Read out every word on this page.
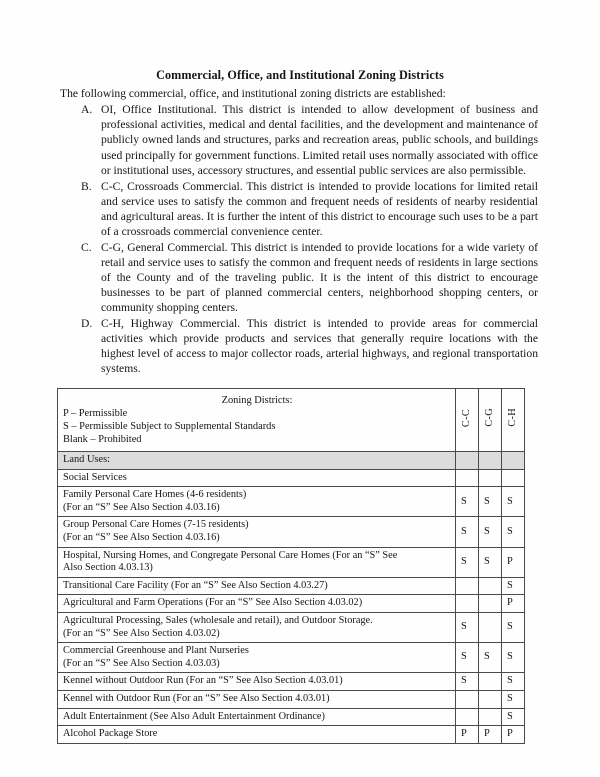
Commercial, Office, and Institutional Zoning Districts

The following commercial, office, and institutional zoning districts are established:

A. OI, Office Institutional. This district is intended to allow development of business and professional activities, medical and dental facilities, and the development and maintenance of publicly owned lands and structures, parks and recreation areas, public schools, and buildings used principally for government functions. Limited retail uses normally associated with office or institutional uses, accessory structures, and essential public services are also permissible.
B. C-C, Crossroads Commercial. This district is intended to provide locations for limited retail and service uses to satisfy the common and frequent needs of residents of nearby residential and agricultural areas. It is further the intent of this district to encourage such uses to be a part of a crossroads commercial convenience center.
C. C-G, General Commercial. This district is intended to provide locations for a wide variety of retail and service uses to satisfy the common and frequent needs of residents in large sections of the County and of the traveling public. It is the intent of this district to encourage businesses to be part of planned commercial centers, neighborhood shopping centers, or community shopping centers.
D. C-H, Highway Commercial. This district is intended to provide areas for commercial activities which provide products and services that generally require locations with the highest level of access to major collector roads, arterial highways, and regional transportation systems.
Zoning Districts:
P – Permissible
S – Permissible Subject to Supplemental Standards
Blank – Prohibited	C-C	C-G	C-H
Land Uses:			
Social Services			

Family Personal Care Homes (4-6 residents)
(For an “S” See Also Section 4.03.16)	S	S	S

Group Personal Care Homes (7-15 residents)
(For an “S” See Also Section 4.03.16)	S	S	S

Hospital, Nursing Homes, and Congregate Personal Care Homes (For an “S” See
Also Section 4.03.13)	S	S	P

Transitional Care Facility (For an “S” See Also Section 4.03.27)			S

Agricultural and Farm Operations (For an “S” See Also Section 4.03.02)			P

Agricultural Processing, Sales (wholesale and retail), and Outdoor Storage.
(For an “S” See Also Section 4.03.02)	S		S

Commercial Greenhouse and Plant Nurseries
(For an “S” See Also Section 4.03.03)	S	S	S

Kennel without Outdoor Run (For an “S” See Also Section 4.03.01)	S		S

Kennel with Outdoor Run (For an “S” See Also Section 4.03.01)			S

Adult Entertainment (See Also Adult Entertainment Ordinance)			S

Alcohol Package Store	P	P	P
